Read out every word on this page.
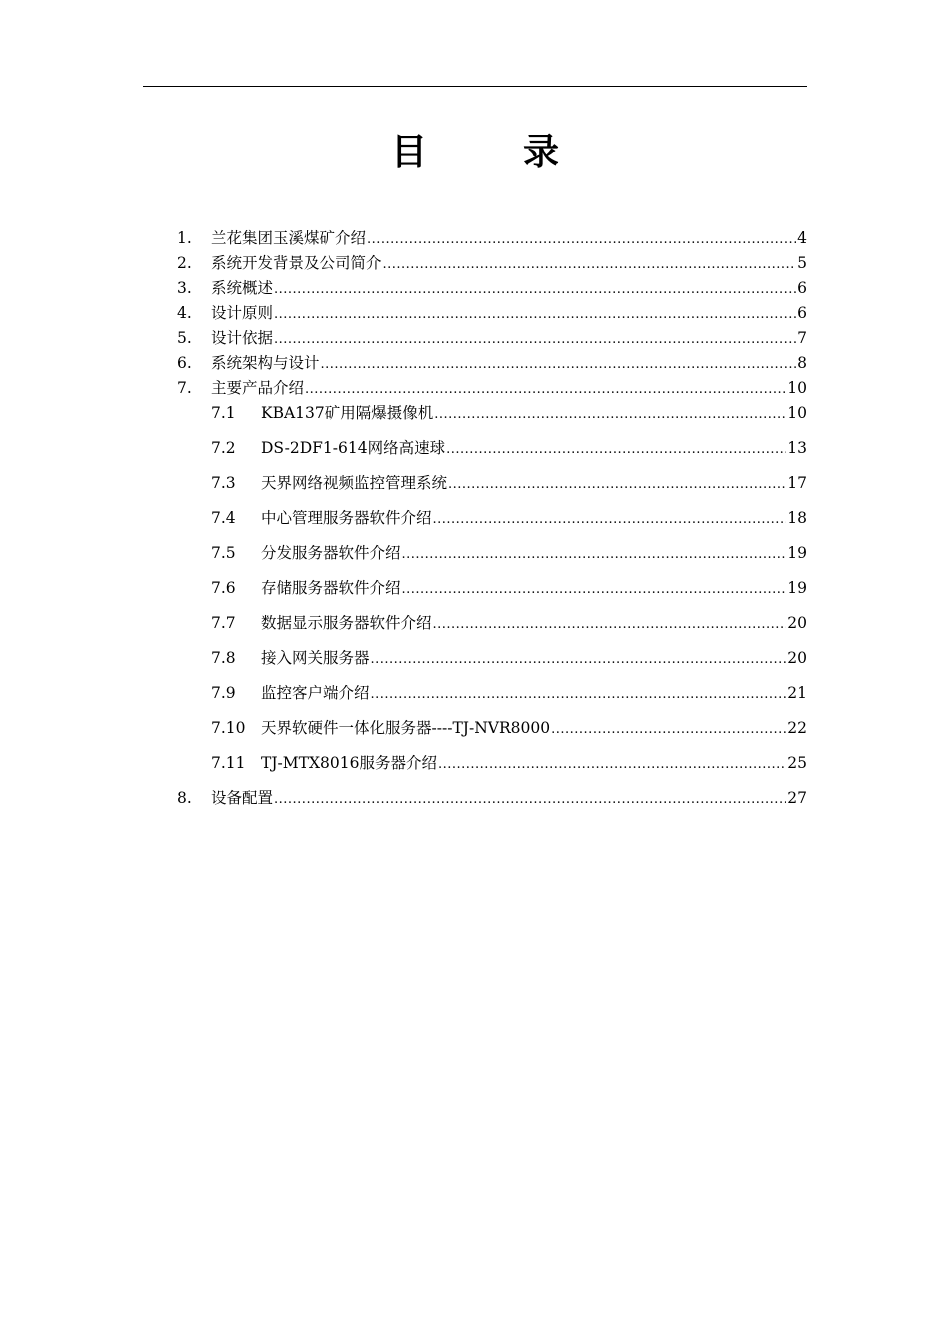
目　录
1.	兰花集团玉溪煤矿介绍 .....	4
2.	系统开发背景及公司简介 .....	5
3.	系统概述 .....	6
4.	设计原则 .....	6
5.	设计依据 .....	7
6.	系统架构与设计 .....	8
7.	主要产品介绍 .....	10
7.1	KBA137矿用隔爆摄像机 .....	10
7.2	DS-2DF1-614网络高速球 .....	13
7.3	天界网络视频监控管理系统 .....	17
7.4	中心管理服务器软件介绍 .....	18
7.5	分发服务器软件介绍 .....	19
7.6	存储服务器软件介绍 .....	19
7.7	数据显示服务器软件介绍 .....	20
7.8	接入网关服务器 .....	20
7.9	监控客户端介绍 .....	21
7.10 天界软硬件一体化服务器----TJ-NVR8000 .....	22
7.11 TJ-MTX8016服务器介绍 .....	25
8.	设备配置 .....	27
